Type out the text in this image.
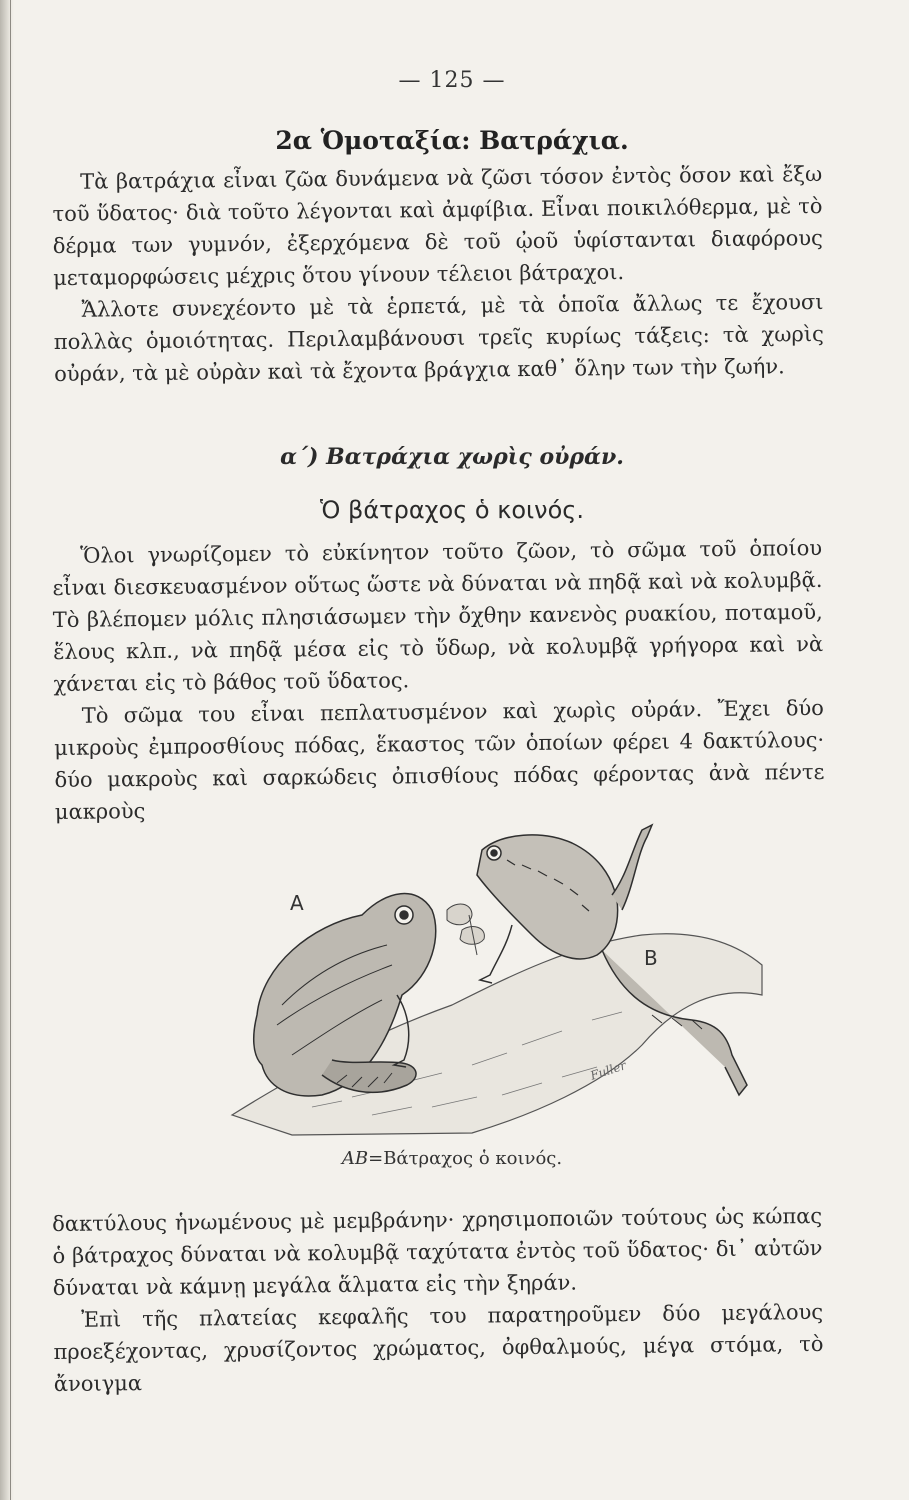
— 125 —
2α Ὁμοταξία: Βατράχια.

Τὰ βατράχια εἶναι ζῶα δυνάμενα νὰ ζῶσι τόσον ἐντὸς ὅσον καὶ ἔξω τοῦ ὕδατος· διὰ τοῦτο λέγονται καὶ ἀμφίβια. Εἶναι ποικιλόθερμα, μὲ τὸ δέρμα των γυμνόν, ἐξερχόμενα δὲ τοῦ ᾠοῦ ὑφίστανται διαφόρους μεταμορφώσεις μέχρις ὅτου γίνουν τέλειοι βάτραχοι.

Ἄλλοτε συνεχέοντο μὲ τὰ ἑρπετά, μὲ τὰ ὁποῖα ἄλλως τε ἔχουσι πολλὰς ὁμοιότητας. Περιλαμβάνουσι τρεῖς κυρίως τάξεις: τὰ χωρὶς οὐράν, τὰ μὲ οὐρὰν καὶ τὰ ἔχοντα βράγχια καθ᾿ ὅλην των τὴν ζωήν.

α΄) Βατράχια χωρὶς οὐράν.
Ὁ βάτραχος ὁ κοινός.

Ὅλοι γνωρίζομεν τὸ εὐκίνητον τοῦτο ζῶον, τὸ σῶμα τοῦ ὁποίου εἶναι διεσκευασμένον οὕτως ὥστε νὰ δύναται νὰ πηδᾷ καὶ νὰ κολυμβᾷ. Τὸ βλέπομεν μόλις πλησιάσωμεν τὴν ὄχθην κανενὸς ρυακίου, ποταμοῦ, ἕλους κλπ., νὰ πηδᾷ μέσα εἰς τὸ ὕδωρ, νὰ κολυμβᾷ γρήγορα καὶ νὰ χάνεται εἰς τὸ βάθος τοῦ ὕδατος.

Τὸ σῶμα του εἶναι πεπλατυσμένον καὶ χωρὶς οὐράν. Ἔχει δύο μικροὺς ἐμπροσθίους πόδας, ἕκαστος τῶν ὁποίων φέρει 4 δακτύλους· δύο μακροὺς καὶ σαρκώδεις ὀπισθίους πόδας φέροντας ἀνὰ πέντε μακροὺς

A
B
Fuller
AB=Βάτραχος ὁ κοινός.

δακτύλους ἡνωμένους μὲ μεμβράνην· χρησιμοποιῶν τούτους ὡς κώπας ὁ βάτραχος δύναται νὰ κολυμβᾷ ταχύτατα ἐντὸς τοῦ ὕδατος· δι᾿ αὐτῶν δύναται νὰ κάμνῃ μεγάλα ἅλματα εἰς τὴν ξηράν.

Ἐπὶ τῆς πλατείας κεφαλῆς του παρατηροῦμεν δύο μεγάλους προεξέχοντας, χρυσίζοντος χρώματος, ὀφθαλμούς, μέγα στόμα, τὸ ἄνοιγμα
